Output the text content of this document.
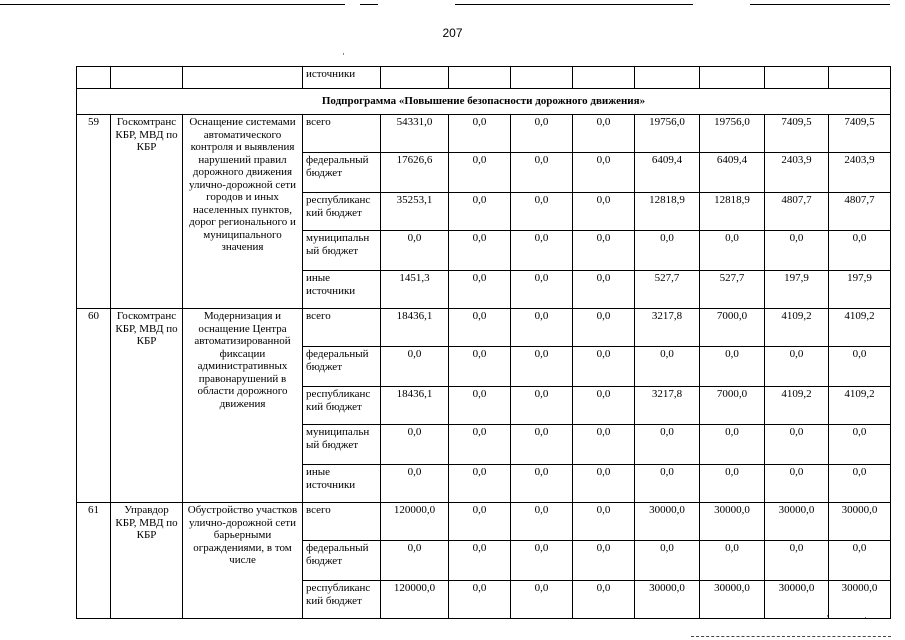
207
·
·	·
			источники								
Подпрограмма «Повышение безопасности дорожного движения»											
59	Госкомтранс КБР, МВД по КБР	Оснащение системами автоматического контроля и выявления нарушений правил дорожного движения улично-дорожной сети городов и иных населенных пунктов, дорог регионального и муниципального значения	всего	54331,0	0,0	0,0	0,0	19756,0	19756,0	7409,5	7409,5
			федеральный бюджет	17626,6	0,0	0,0	0,0	6409,4	6409,4	2403,9	2403,9
			республиканс кий бюджет	35253,1	0,0	0,0	0,0	12818,9	12818,9	4807,7	4807,7
			муниципальн ый бюджет	0,0	0,0	0,0	0,0	0,0	0,0	0,0	0,0
			иные источники	1451,3	0,0	0,0	0,0	527,7	527,7	197,9	197,9
60	Госкомтранс КБР, МВД по КБР	Модернизация и оснащение Центра автоматизированной фиксации административных правонарушений в области дорожного движения	всего	18436,1	0,0	0,0	0,0	3217,8	7000,0	4109,2	4109,2
			федеральный бюджет	0,0	0,0	0,0	0,0	0,0	0,0	0,0	0,0
			республиканс кий бюджет	18436,1	0,0	0,0	0,0	3217,8	7000,0	4109,2	4109,2
			муниципальн ый бюджет	0,0	0,0	0,0	0,0	0,0	0,0	0,0	0,0
			иные источники	0,0	0,0	0,0	0,0	0,0	0,0	0,0	0,0
61	Управдор КБР, МВД по КБР	Обустройство участков улично-дорожной сети барьерными ограждениями, в том числе	всего	120000,0	0,0	0,0	0,0	30000,0	30000,0	30000,0	30000,0
			федеральный бюджет	0,0	0,0	0,0	0,0	0,0	0,0	0,0	0,0
			республиканс кий бюджет	120000,0	0,0	0,0	0,0	30000,0	30000,0	30000,0	30000,0
